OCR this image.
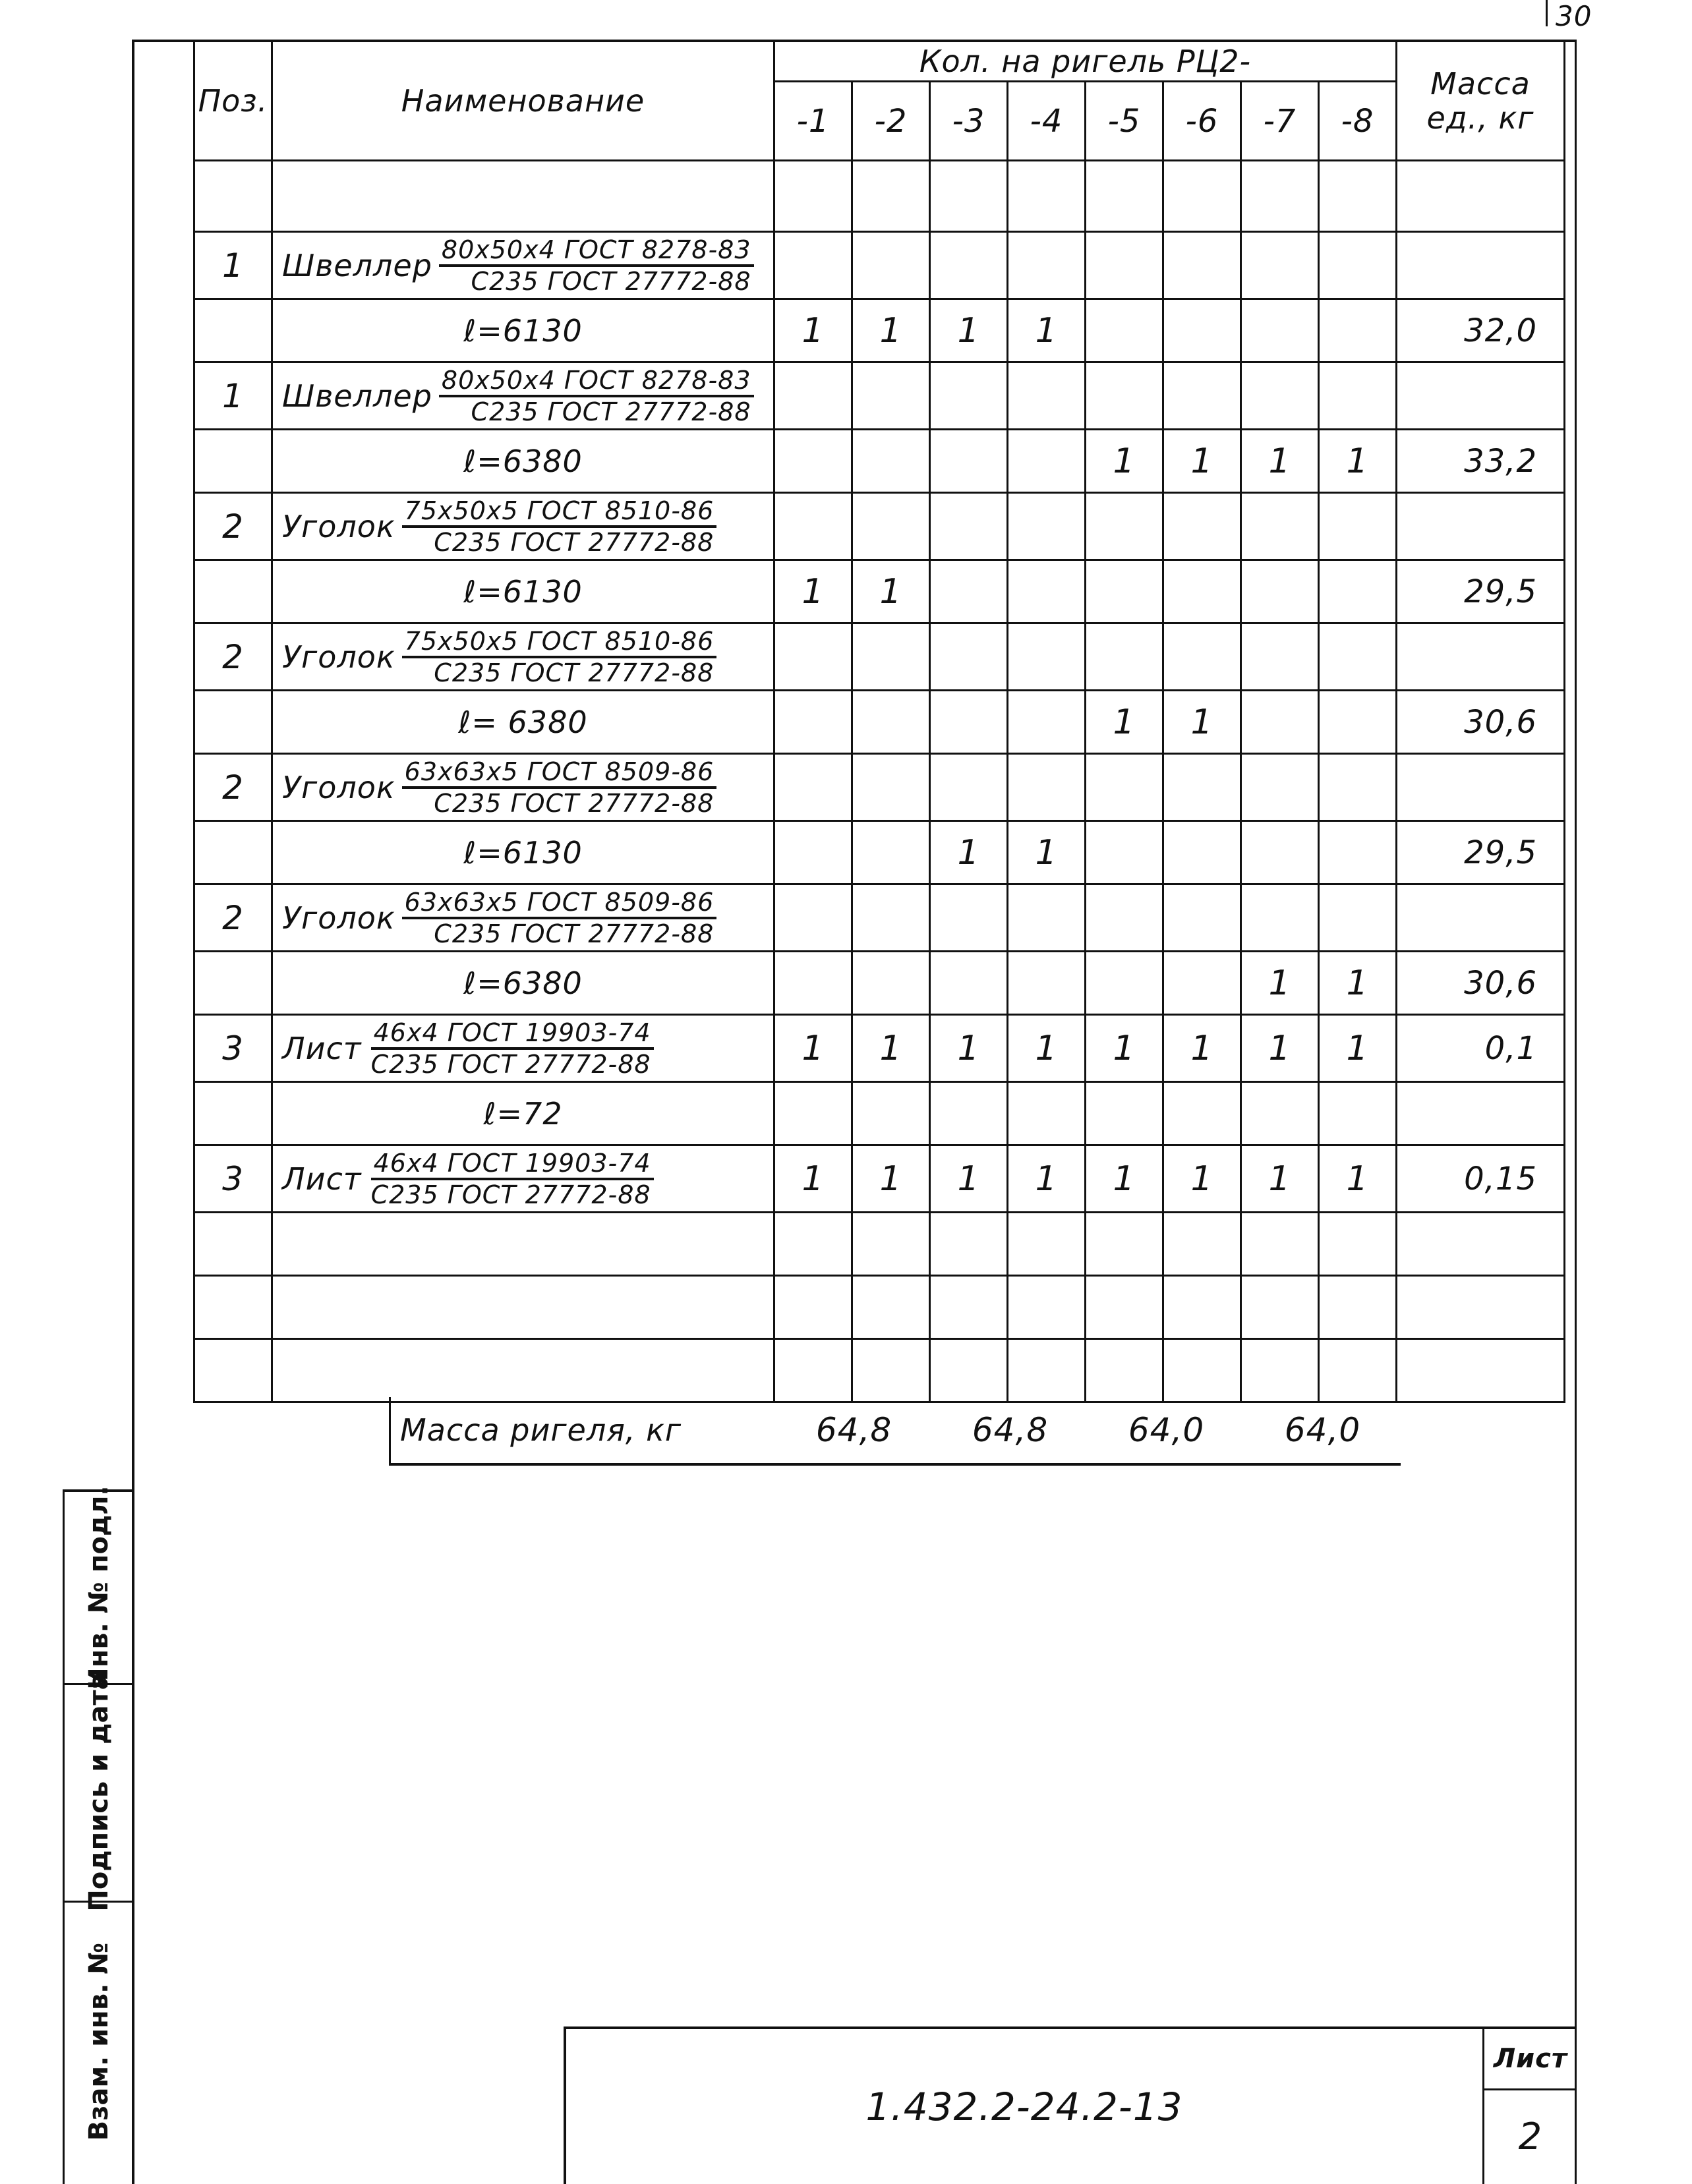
30
Поз.	Наименование	Кол. на ригель РЦ2-								Масса ед., кг
		-1	-2	-3	-4	-5	-6	-7	-8	

1	Швеллер $\frac{\text{80х50х4 ГОСТ 8278-83}}{\text{С235 ГОСТ 27772-88}}$

	ℓ=6130	1	1	1	1					32,0
1	Швеллер $\frac{\text{80х50х4 ГОСТ 8278-83}}{\text{С235 ГОСТ 27772-88}}$

	ℓ=6380					1	1	1	1	33,2
2	Уголок $\frac{\text{75х50х5 ГОСТ 8510-86}}{\text{С235 ГОСТ 27772-88}}$

	ℓ=6130	1	1							29,5
2	Уголок $\frac{\text{75х50х5 ГОСТ 8510-86}}{\text{С235 ГОСТ 27772-88}}$

	ℓ= 6380					1	1			30,6
2	Уголок $\frac{\text{63х63х5 ГОСТ 8509-86}}{\text{С235 ГОСТ 27772-88}}$

	ℓ=6130			1	1					29,5
2	Уголок $\frac{\text{63х63х5 ГОСТ 8509-86}}{\text{С235 ГОСТ 27772-88}}$

	ℓ=6380							1	1	30,6
3	Лист $\frac{\text{46х4 ГОСТ 19903-74}}{\text{С235 ГОСТ 27772-88}}$	1	1	1	1	1	1	1	1	0,1

	ℓ=72									

3	Лист $\frac{\text{46х4 ГОСТ 19903-74}}{\text{С235 ГОСТ 27772-88}}$	1	1	1	1	1	1	1	1	0,15

Масса ригеля, кг	64,8	64,8	64,0	64,0
Инв. № подл.
Подпись и дата
Взам. инв. №	1.432.2-24.2-13
Лист
2
